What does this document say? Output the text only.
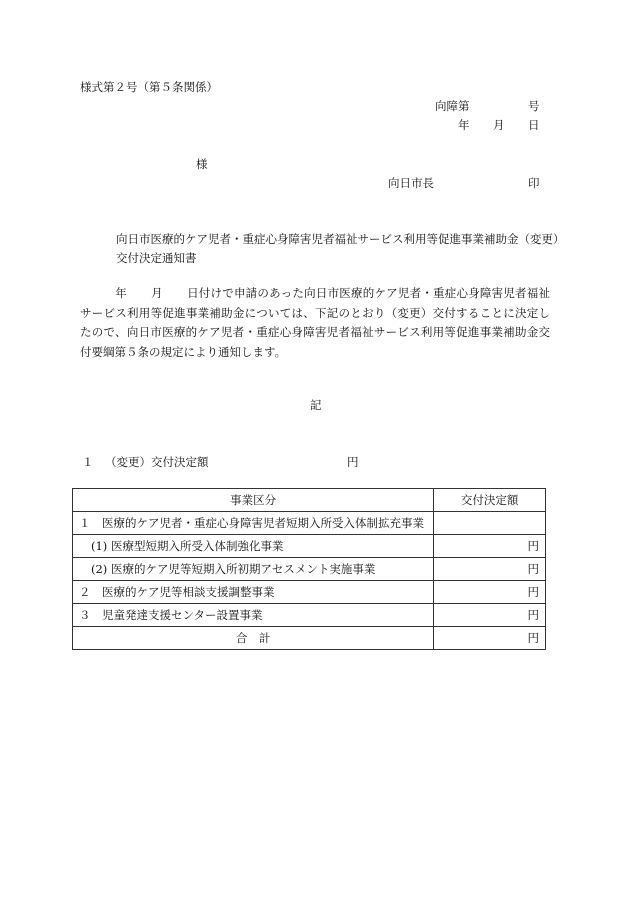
様式第２号（第５条関係）
向障第	号
年 月 日
様
向日市長	印
向日市医療的ケア児者・重症心身障害児者福祉サービス利用等促進事業補助金（変更）
交付決定通知書
年 月 日付けで申請のあった向日市医療的ケア児者・重症心身障害児者福祉サービス利用等促進事業補助金については、下記のとおり（変更）交付することに決定したので、向日市医療的ケア児者・重症心身障害児者福祉サービス利用等促進事業補助金交付要綱第５条の規定により通知します。
記
１ （変更）交付決定額	円
事業区分	交付決定額
１　医療的ケア児者・重症心身障害児者短期入所受入体制拡充事業	
(1) 医療型短期入所受入体制強化事業	円
(2) 医療的ケア児等短期入所初期アセスメント実施事業	円
２　医療的ケア児等相談支援調整事業	円
３　児童発達支援センター設置事業	円
合　計	円
